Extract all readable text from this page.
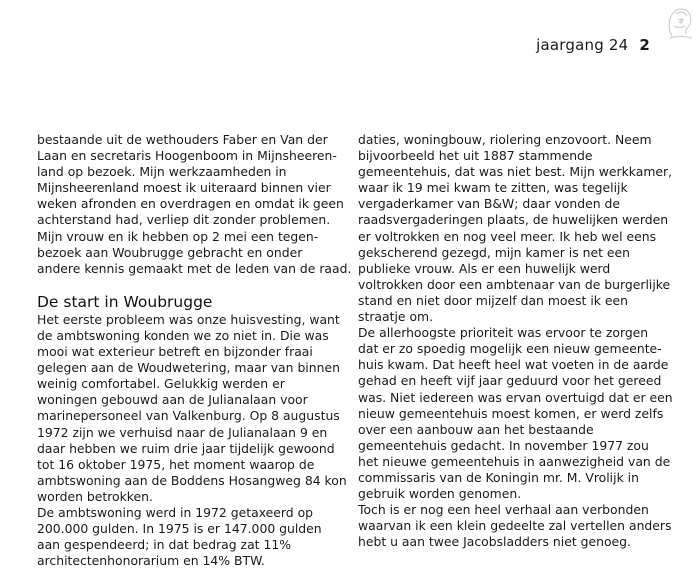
jaargang 24 2
bestaande uit de wethouders Faber en Van der
Laan en secretaris Hoogenboom in Mijnsheeren-
land op bezoek. Mijn werkzaamheden in
Mijnsheerenland moest ik uiteraard binnen vier
weken afronden en overdragen en omdat ik geen
achterstand had, verliep dit zonder problemen.
Mijn vrouw en ik hebben op 2 mei een tegen-
bezoek aan Woubrugge gebracht en onder
andere kennis gemaakt met de leden van de raad.
De start in Woubrugge
Het eerste probleem was onze huisvesting, want
de ambtswoning konden we zo niet in. Die was
mooi wat exterieur betreft en bijzonder fraai
gelegen aan de Woudwetering, maar van binnen
weinig comfortabel. Gelukkig werden er
woningen gebouwd aan de Julianalaan voor
marinepersoneel van Valkenburg. Op 8 augustus
1972 zijn we verhuisd naar de Julianalaan 9 en
daar hebben we ruim drie jaar tijdelijk gewoond
tot 16 oktober 1975, het moment waarop de
ambtswoning aan de Boddens Hosangweg 84 kon
worden betrokken.
De ambtswoning werd in 1972 getaxeerd op
200.000 gulden. In 1975 is er 147.000 gulden
aan gespendeerd; in dat bedrag zat 11%
architectenhonorarium en 14% BTW.
daties, woningbouw, riolering enzovoort. Neem
bijvoorbeeld het uit 1887 stammende
gemeentehuis, dat was niet best. Mijn werkkamer,
waar ik 19 mei kwam te zitten, was tegelijk
vergaderkamer van B&W; daar vonden de
raadsvergaderingen plaats, de huwelijken werden
er voltrokken en nog veel meer. Ik heb wel eens
gekscherend gezegd, mijn kamer is net een
publieke vrouw. Als er een huwelijk werd
voltrokken door een ambtenaar van de burgerlijke
stand en niet door mijzelf dan moest ik een
straatje om.
De allerhoogste prioriteit was ervoor te zorgen
dat er zo spoedig mogelijk een nieuw gemeente-
huis kwam. Dat heeft heel wat voeten in de aarde
gehad en heeft vijf jaar geduurd voor het gereed
was. Niet iedereen was ervan overtuigd dat er een
nieuw gemeentehuis moest komen, er werd zelfs
over een aanbouw aan het bestaande
gemeentehuis gedacht. In november 1977 zou
het nieuwe gemeentehuis in aanwezigheid van de
commissaris van de Koningin mr. M. Vrolijk in
gebruik worden genomen.
Toch is er nog een heel verhaal aan verbonden
waarvan ik een klein gedeelte zal vertellen anders
hebt u aan twee Jacobsladders niet genoeg.
